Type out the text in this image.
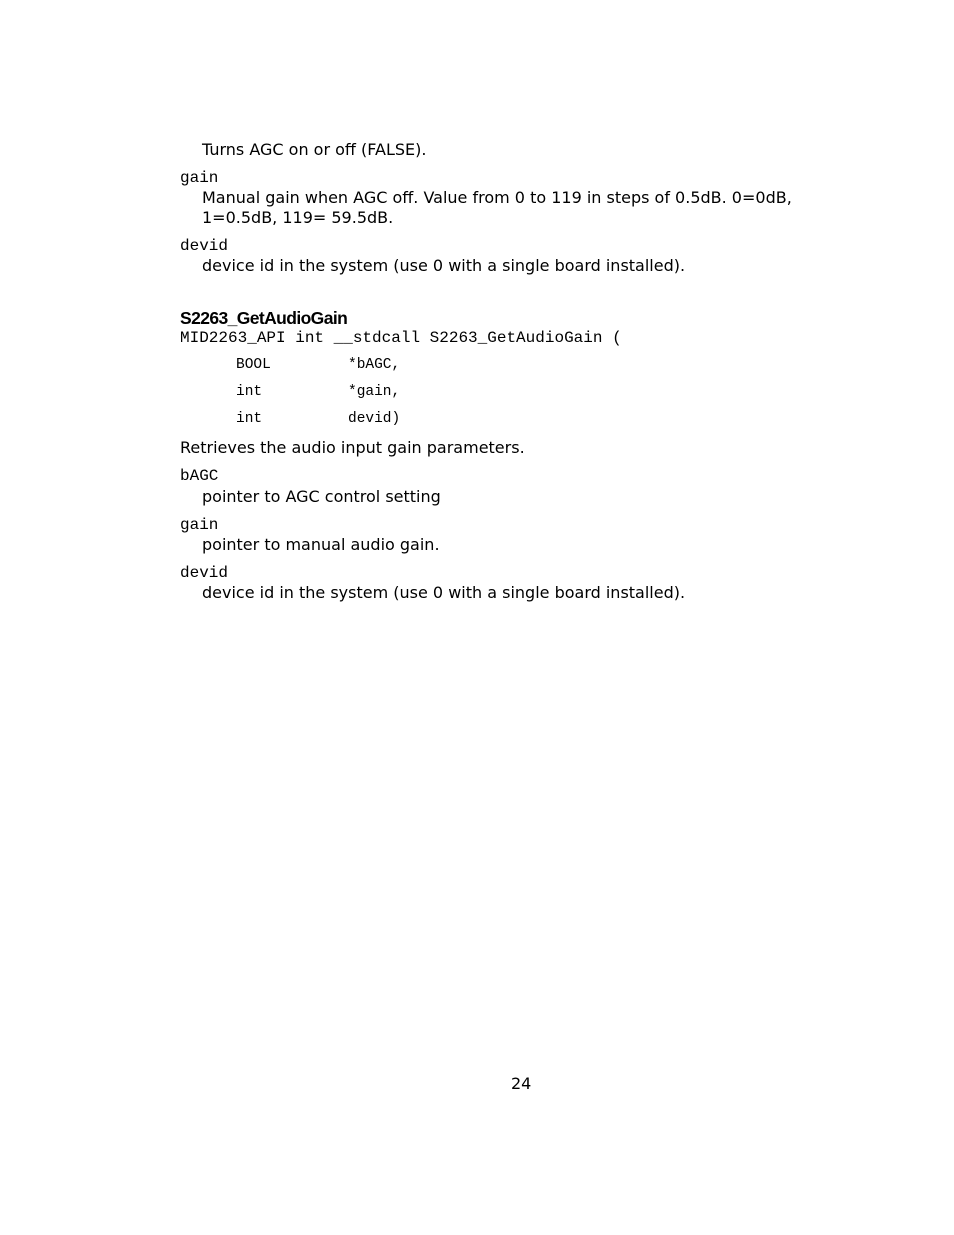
Turns AGC on or off (FALSE).
gain
Manual gain when AGC off. Value from 0 to 119 in steps of 0.5dB. 0=0dB,
1=0.5dB, 119= 59.5dB.
devid
device id in the system (use 0 with a single board installed).
S2263_GetAudioGain
MID2263_API int __stdcall S2263_GetAudioGain (
BOOL	*bAGC,
int	*gain,
int	devid)
Retrieves the audio input gain parameters.
bAGC
pointer to AGC control setting
gain
pointer to manual audio gain.
devid
device id in the system (use 0 with a single board installed).
24
